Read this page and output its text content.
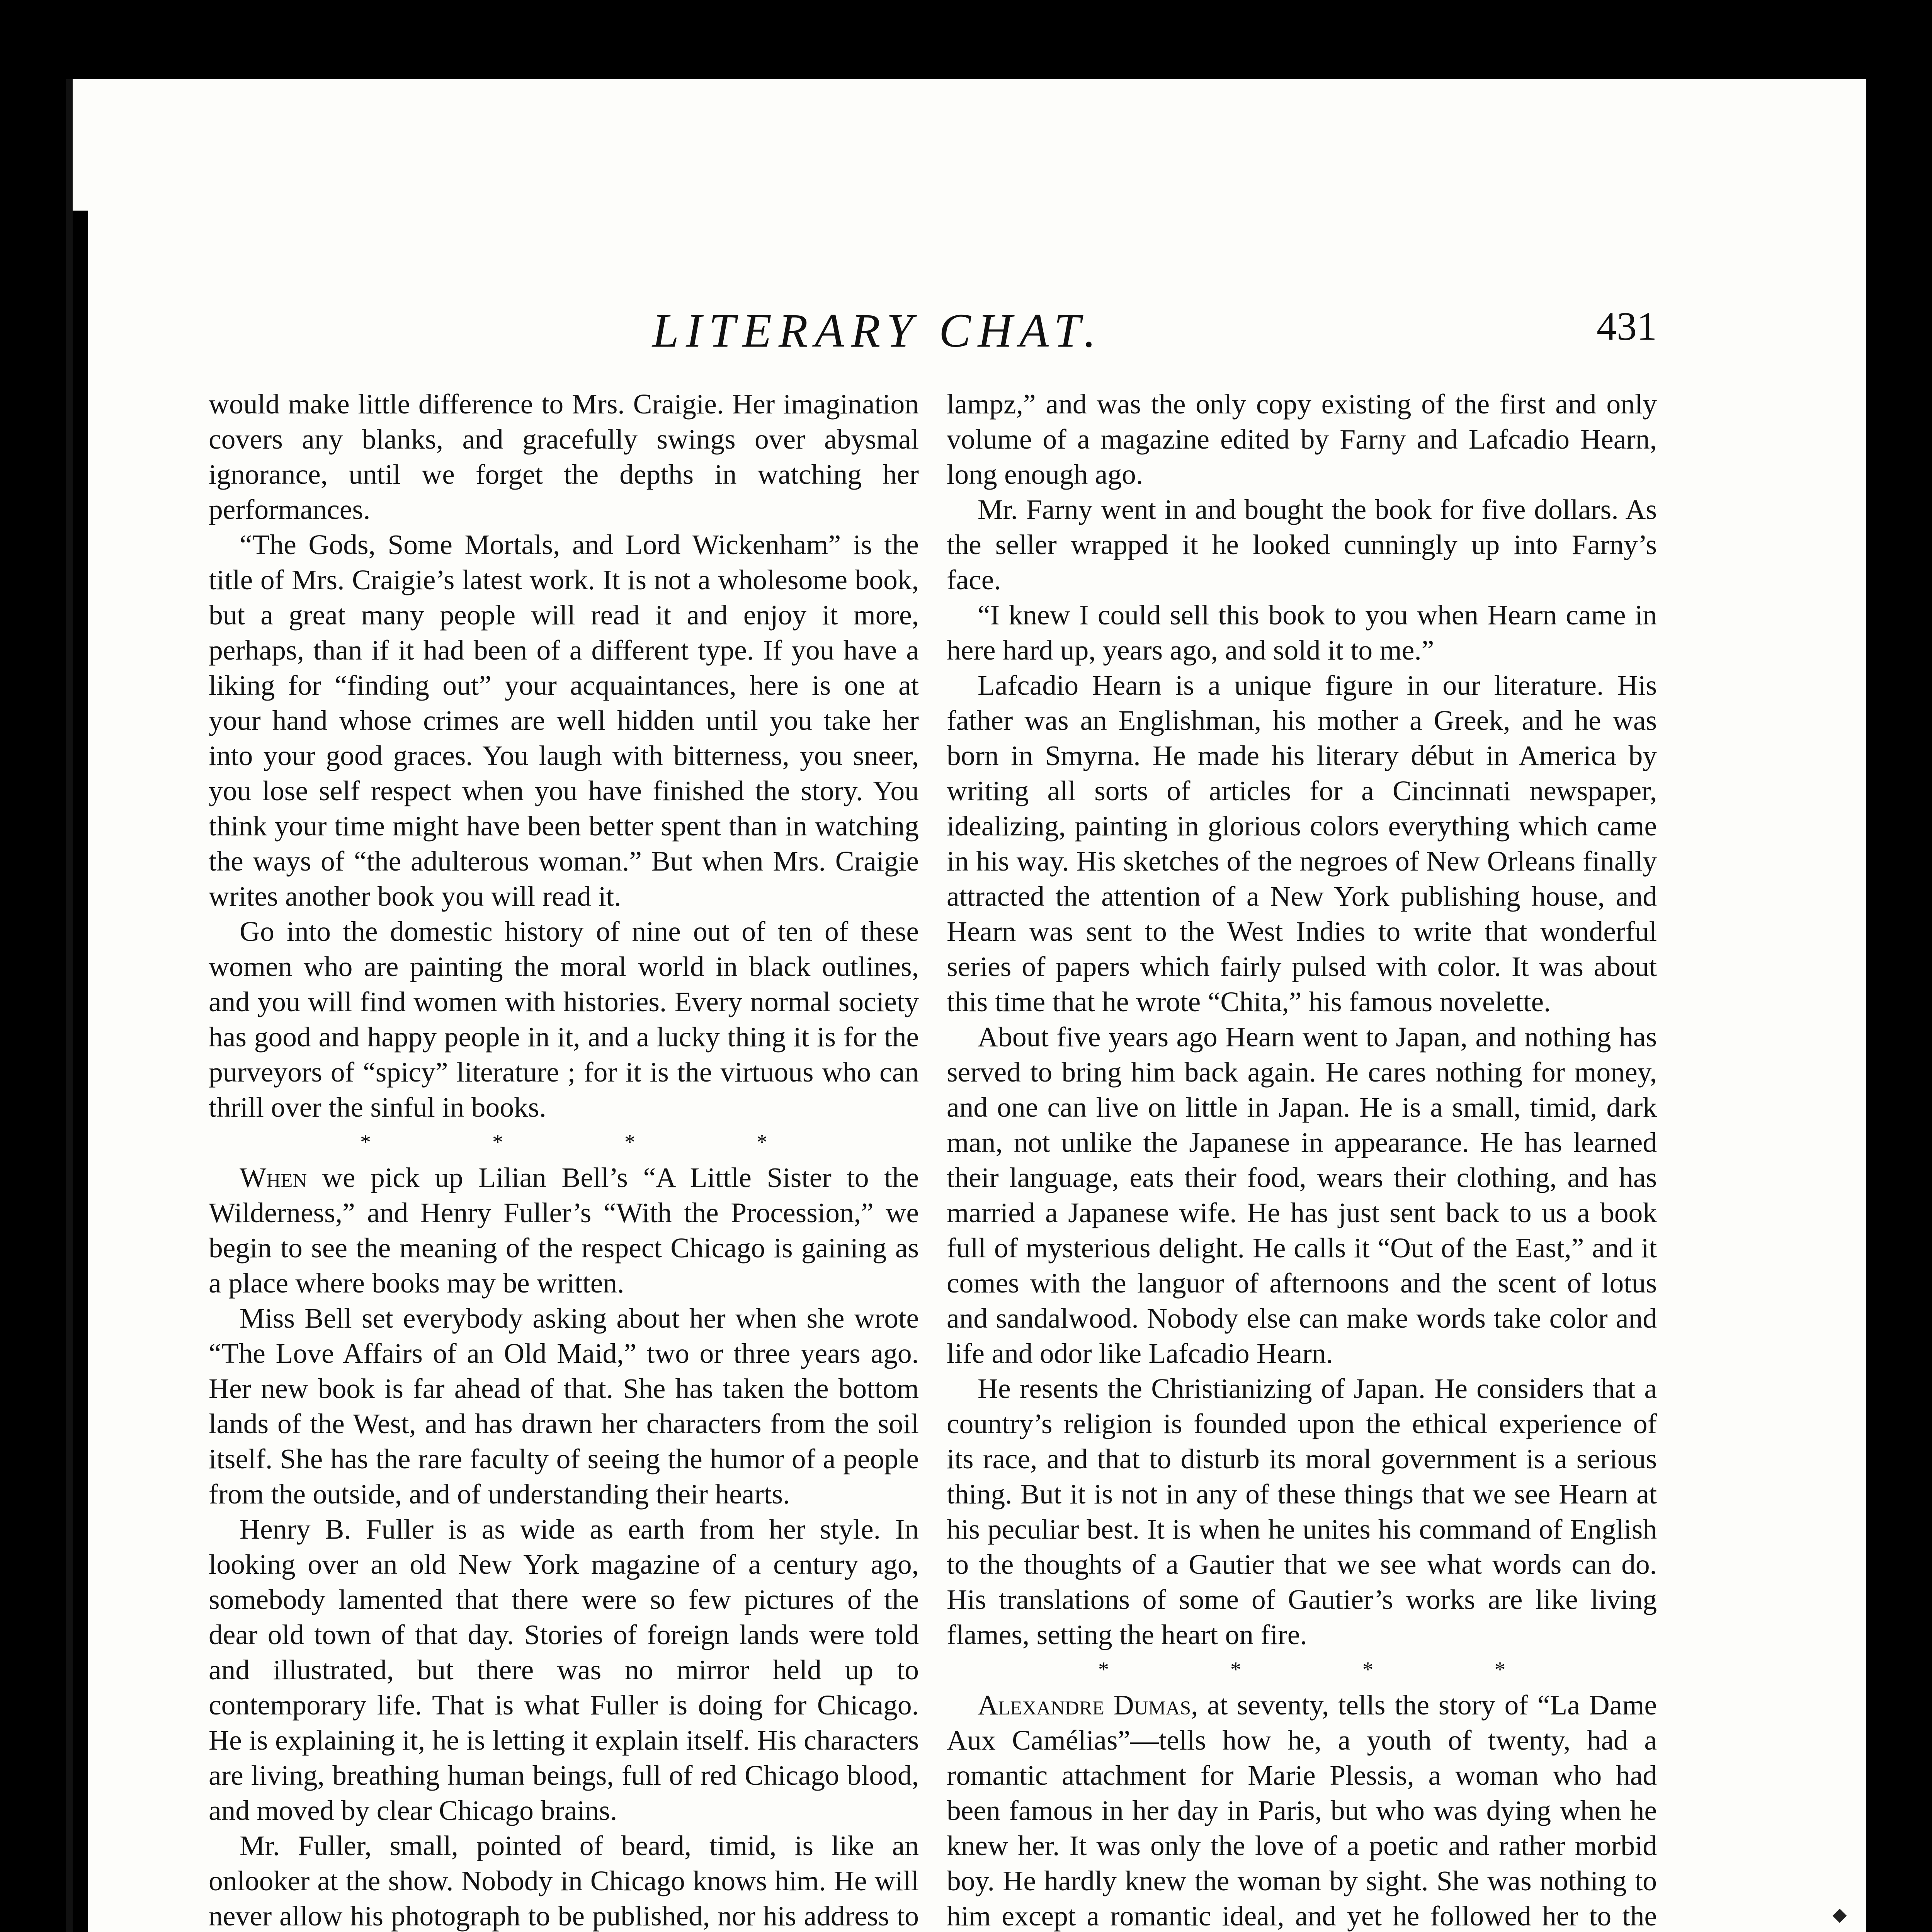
LITERARY CHAT.	431

would make little difference to Mrs. Craigie. Her imagination covers any blanks, and gracefully swings over abysmal ignorance, until we forget the depths in watching her performances.

“The Gods, Some Mortals, and Lord Wickenham” is the title of Mrs. Craigie’s latest work. It is not a wholesome book, but a great many people will read it and enjoy it more, perhaps, than if it had been of a different type. If you have a liking for “finding out” your acquaintances, here is one at your hand whose crimes are well hidden until you take her into your good graces. You laugh with bitterness, you sneer, you lose self respect when you have finished the story. You think your time might have been better spent than in watching the ways of “the adulterous woman.” But when Mrs. Craigie writes another book you will read it.

Go into the domestic history of nine out of ten of these women who are painting the moral world in black outlines, and you will find women with histories. Every normal society has good and happy people in it, and a lucky thing it is for the purveyors of “spicy” literature ; for it is the virtuous who can thrill over the sinful in books.

* * * *

When we pick up Lilian Bell’s “A Little Sister to the Wilderness,” and Henry Fuller’s “With the Procession,” we begin to see the meaning of the respect Chicago is gaining as a place where books may be written.

Miss Bell set everybody asking about her when she wrote “The Love Affairs of an Old Maid,” two or three years ago. Her new book is far ahead of that. She has taken the bottom lands of the West, and has drawn her characters from the soil itself. She has the rare faculty of seeing the humor of a people from the outside, and of understanding their hearts.

Henry B. Fuller is as wide as earth from her style. In looking over an old New York magazine of a century ago, somebody lamented that there were so few pictures of the dear old town of that day. Stories of foreign lands were told and illustrated, but there was no mirror held up to contemporary life. That is what Fuller is doing for Chicago. He is explaining it, he is letting it explain itself. His characters are living, breathing human beings, full of red Chicago blood, and moved by clear Chicago brains.

Mr. Fuller, small, pointed of beard, timid, is like an onlooker at the show. Nobody in Chicago knows him. He will never allow his photograph to be published, nor his address to

lampz,” and was the only copy existing of the first and only volume of a magazine edited by Farny and Lafcadio Hearn, long enough ago.

Mr. Farny went in and bought the book for five dollars. As the seller wrapped it he looked cunningly up into Farny’s face.

“I knew I could sell this book to you when Hearn came in here hard up, years ago, and sold it to me.”

Lafcadio Hearn is a unique figure in our literature. His father was an Englishman, his mother a Greek, and he was born in Smyrna. He made his literary début in America by writing all sorts of articles for a Cincinnati newspaper, idealizing, painting in glorious colors everything which came in his way. His sketches of the negroes of New Orleans finally attracted the attention of a New York publishing house, and Hearn was sent to the West Indies to write that wonderful series of papers which fairly pulsed with color. It was about this time that he wrote “Chita,” his famous novelette.

About five years ago Hearn went to Japan, and nothing has served to bring him back again. He cares nothing for money, and one can live on little in Japan. He is a small, timid, dark man, not unlike the Japanese in appearance. He has learned their language, eats their food, wears their clothing, and has married a Japanese wife. He has just sent back to us a book full of mysterious delight. He calls it “Out of the East,” and it comes with the languor of afternoons and the scent of lotus and sandalwood. Nobody else can make words take color and life and odor like Lafcadio Hearn.

He resents the Christianizing of Japan. He considers that a country’s religion is founded upon the ethical experience of its race, and that to disturb its moral government is a serious thing. But it is not in any of these things that we see Hearn at his peculiar best. It is when he unites his command of English to the thoughts of a Gautier that we see what words can do. His translations of some of Gautier’s works are like living flames, setting the heart on fire.

* * * *

Alexandre Dumas, at seventy, tells the story of “La Dame Aux Camélias”—tells how he, a youth of twenty, had a romantic attachment for Marie Plessis, a woman who had been famous in her day in Paris, but who was dying when he knew her. It was only the love of a poetic and rather morbid boy. He hardly knew the woman by sight. She was nothing to him except a romantic ideal, and yet he followed her to the
